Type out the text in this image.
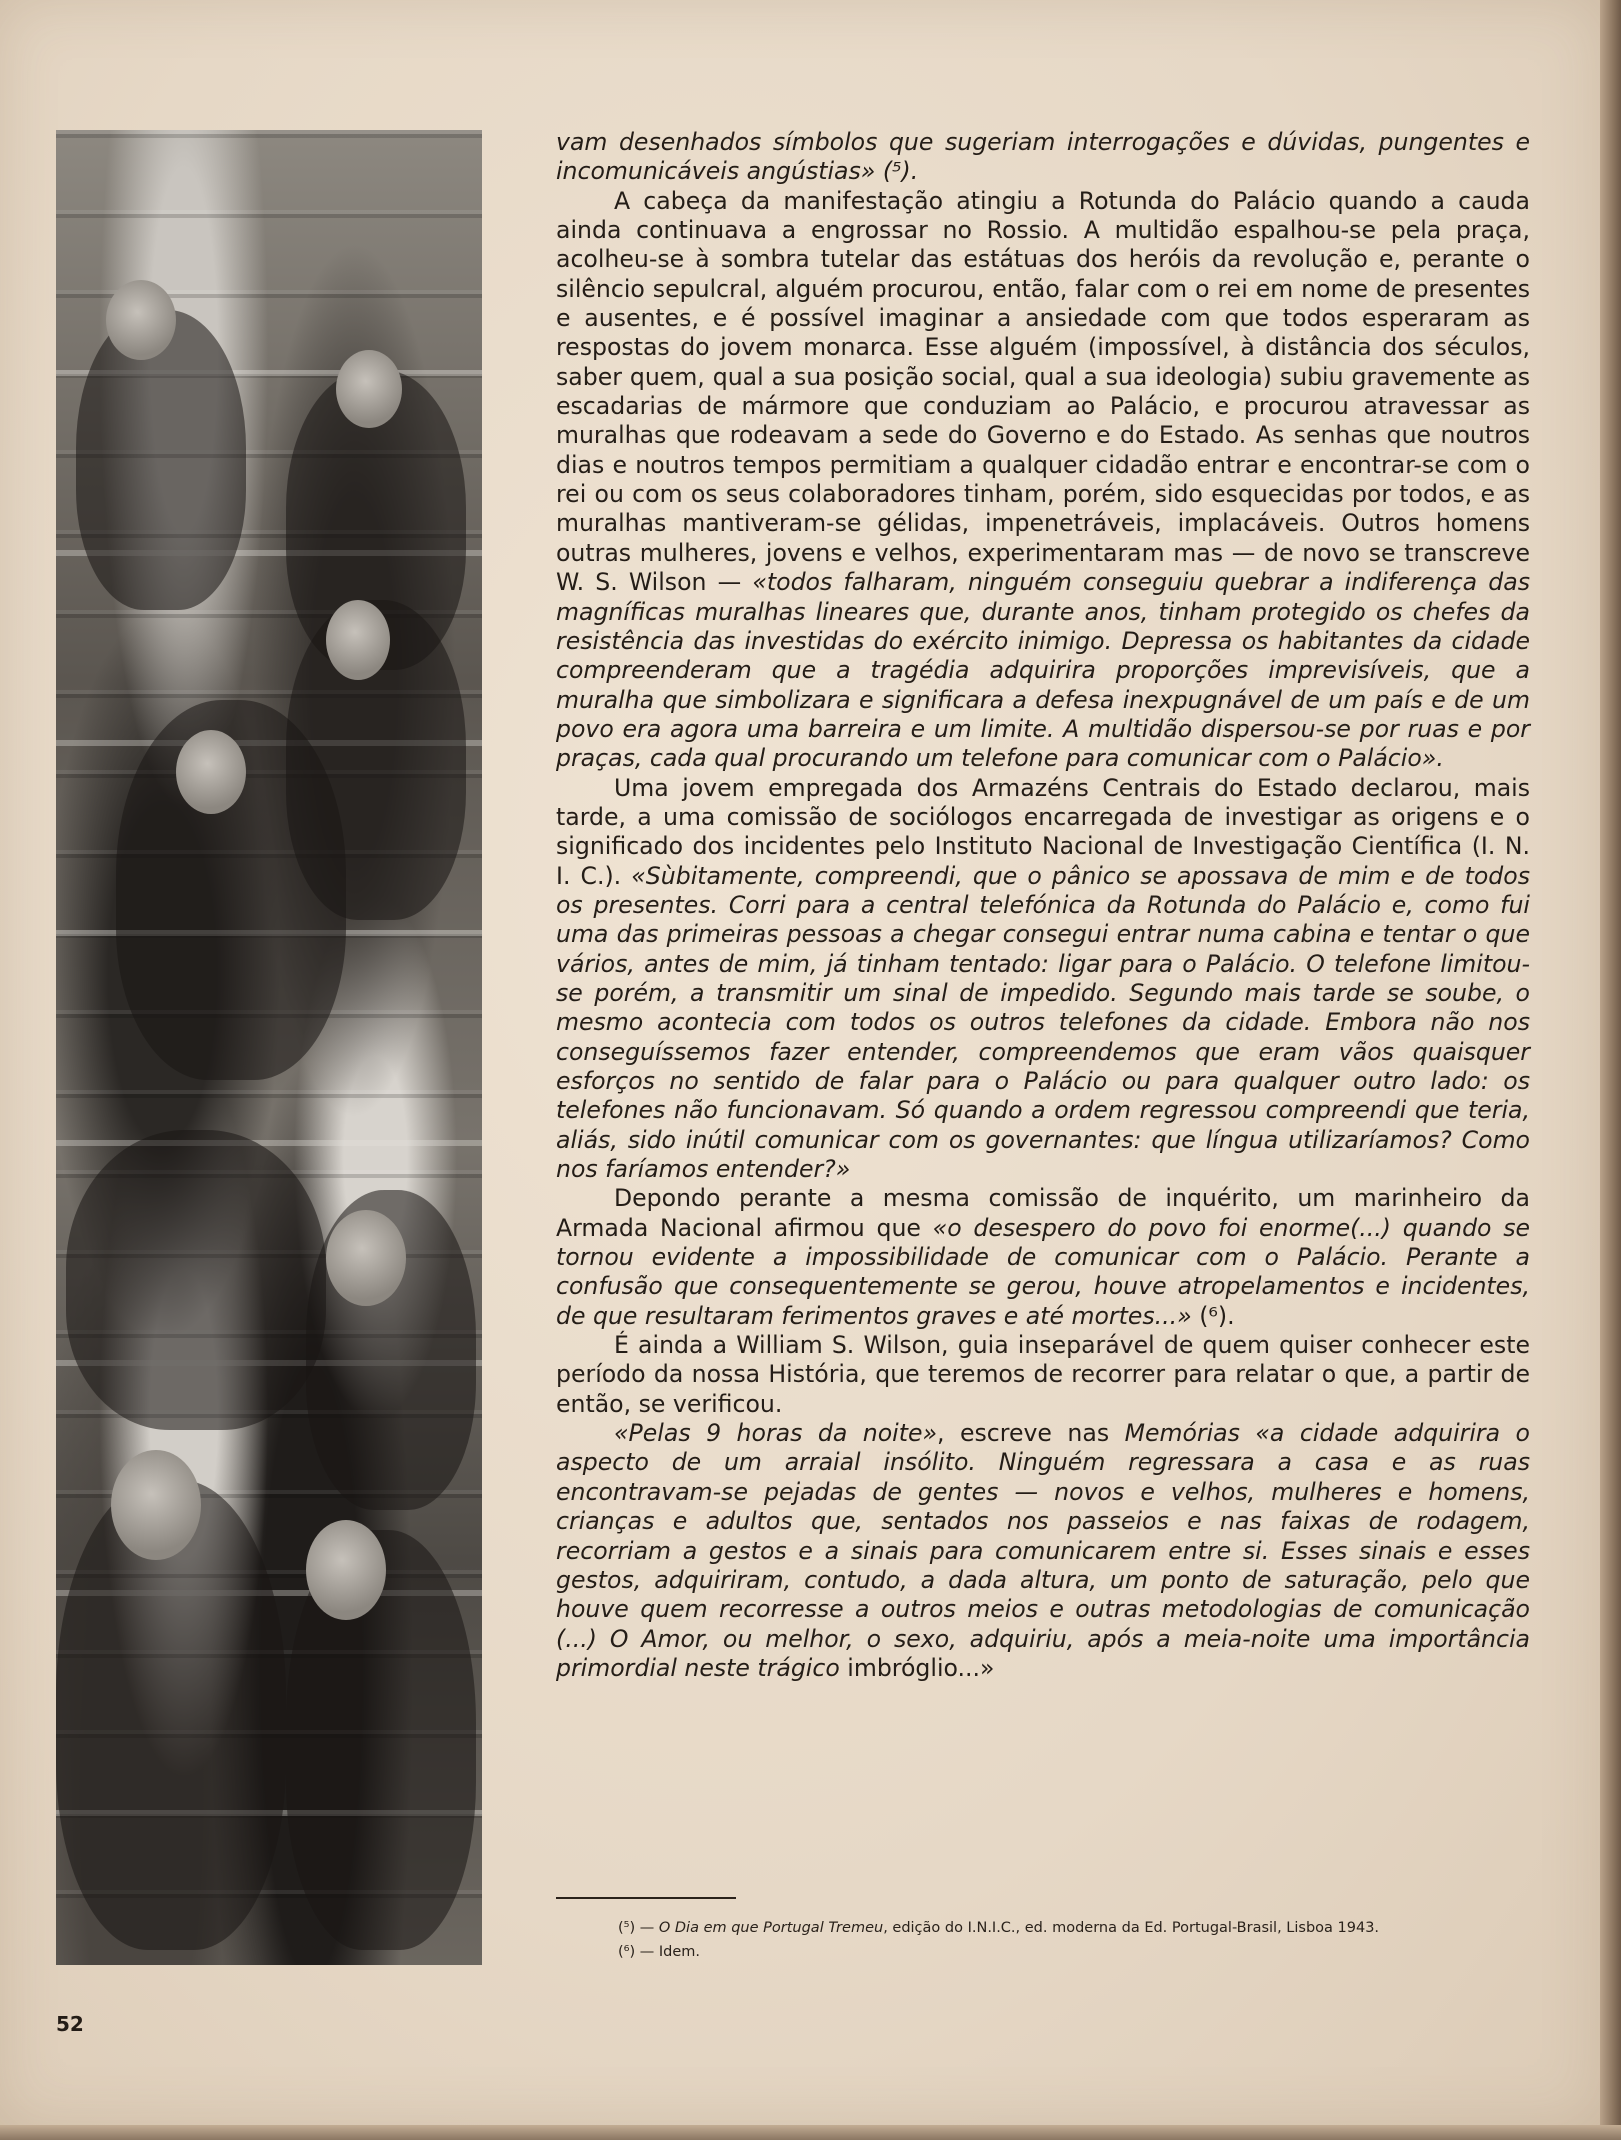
vam desenhados símbolos que sugeriam interrogações e dúvidas, pungentes e incomunicáveis angústias» (⁵).

A cabeça da manifestação atingiu a Rotunda do Palácio quando a cauda ainda continuava a engrossar no Rossio. A multidão espalhou-se pela praça, acolheu-se à sombra tutelar das estátuas dos heróis da revolução e, perante o silêncio sepulcral, alguém procurou, então, falar com o rei em nome de presentes e ausentes, e é possível imaginar a ansiedade com que todos esperaram as respostas do jovem monarca. Esse alguém (impossível, à distância dos séculos, saber quem, qual a sua posição social, qual a sua ideologia) subiu gravemente as escadarias de mármore que conduziam ao Palácio, e procurou atravessar as muralhas que rodeavam a sede do Governo e do Estado. As senhas que noutros dias e noutros tempos permitiam a qualquer cidadão entrar e encontrar-se com o rei ou com os seus colaboradores tinham, porém, sido esquecidas por todos, e as muralhas mantiveram-se gélidas, impenetráveis, implacáveis. Outros homens outras mulheres, jovens e velhos, experimentaram mas — de novo se transcreve W. S. Wilson — «todos falharam, ninguém conseguiu quebrar a indiferença das magníficas muralhas lineares que, durante anos, tinham protegido os chefes da resistência das investidas do exército inimigo. Depressa os habitantes da cidade compreenderam que a tragédia adquirira proporções imprevisíveis, que a muralha que simbolizara e significara a defesa inexpugnável de um país e de um povo era agora uma barreira e um limite. A multidão dispersou-se por ruas e por praças, cada qual procurando um telefone para comunicar com o Palácio».

Uma jovem empregada dos Armazéns Centrais do Estado declarou, mais tarde, a uma comissão de sociólogos encarregada de investigar as origens e o significado dos incidentes pelo Instituto Nacional de Investigação Científica (I. N. I. C.). «Sùbitamente, compreendi, que o pânico se apossava de mim e de todos os presentes. Corri para a central telefónica da Rotunda do Palácio e, como fui uma das primeiras pessoas a chegar consegui entrar numa cabina e tentar o que vários, antes de mim, já tinham tentado: ligar para o Palácio. O telefone limitou-se porém, a transmitir um sinal de impedido. Segundo mais tarde se soube, o mesmo acontecia com todos os outros telefones da cidade. Embora não nos conseguíssemos fazer entender, compreendemos que eram vãos quaisquer esforços no sentido de falar para o Palácio ou para qualquer outro lado: os telefones não funcionavam. Só quando a ordem regressou compreendi que teria, aliás, sido inútil comunicar com os governantes: que língua utilizaríamos? Como nos faríamos entender?»

Depondo perante a mesma comissão de inquérito, um marinheiro da Armada Nacional afirmou que «o desespero do povo foi enorme(...) quando se tornou evidente a impossibilidade de comunicar com o Palácio. Perante a confusão que consequentemente se gerou, houve atropelamentos e incidentes, de que resultaram ferimentos graves e até mortes...» (⁶).

É ainda a William S. Wilson, guia inseparável de quem quiser conhecer este período da nossa História, que teremos de recorrer para relatar o que, a partir de então, se verificou.

«Pelas 9 horas da noite», escreve nas Memórias «a cidade adquirira o aspecto de um arraial insólito. Ninguém regressara a casa e as ruas encontravam-se pejadas de gentes — novos e velhos, mulheres e homens, crianças e adultos que, sentados nos passeios e nas faixas de rodagem, recorriam a gestos e a sinais para comunicarem entre si. Esses sinais e esses gestos, adquiriram, contudo, a dada altura, um ponto de saturação, pelo que houve quem recorresse a outros meios e outras metodologias de comunicação (...) O Amor, ou melhor, o sexo, adquiriu, após a meia-noite uma importância primordial neste trágico imbróglio...»

(⁵) — O Dia em que Portugal Tremeu, edição do I.N.I.C., ed. moderna da Ed. Portugal-Brasil, Lisboa 1943.

(⁶) — Idem.

52
